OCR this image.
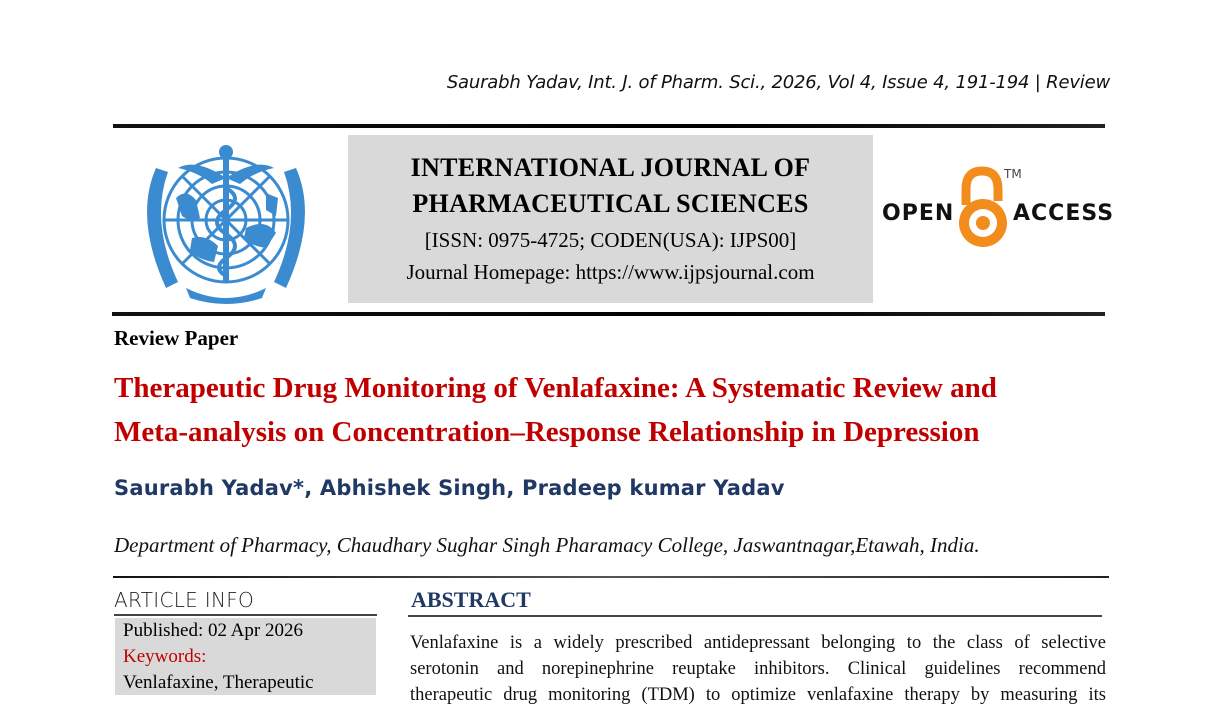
Saurabh Yadav, Int. J. of Pharm. Sci., 2026, Vol 4, Issue 4, 191-194 | Review
INTERNATIONAL JOURNAL OF
PHARMACEUTICAL SCIENCES
[ISSN: 0975-4725; CODEN(USA): IJPS00]
Journal Homepage: https://www.ijpsjournal.com
OPEN
TM
ACCESS
Review Paper
Therapeutic Drug Monitoring of Venlafaxine: A Systematic Review and
Meta-analysis on Concentration–Response Relationship in Depression
Saurabh Yadav*, Abhishek Singh, Pradeep kumar Yadav
Department of Pharmacy, Chaudhary Sughar Singh Pharamacy College, Jaswantnagar,Etawah, India.
ARTICLE INFO
Published: 02 Apr 2026
Keywords:
Venlafaxine, Therapeutic
ABSTRACT
Venlafaxine is a widely prescribed antidepressant belonging to the class of selective
serotonin and norepinephrine reuptake inhibitors. Clinical guidelines recommend
therapeutic drug monitoring (TDM) to optimize venlafaxine therapy by measuring its
